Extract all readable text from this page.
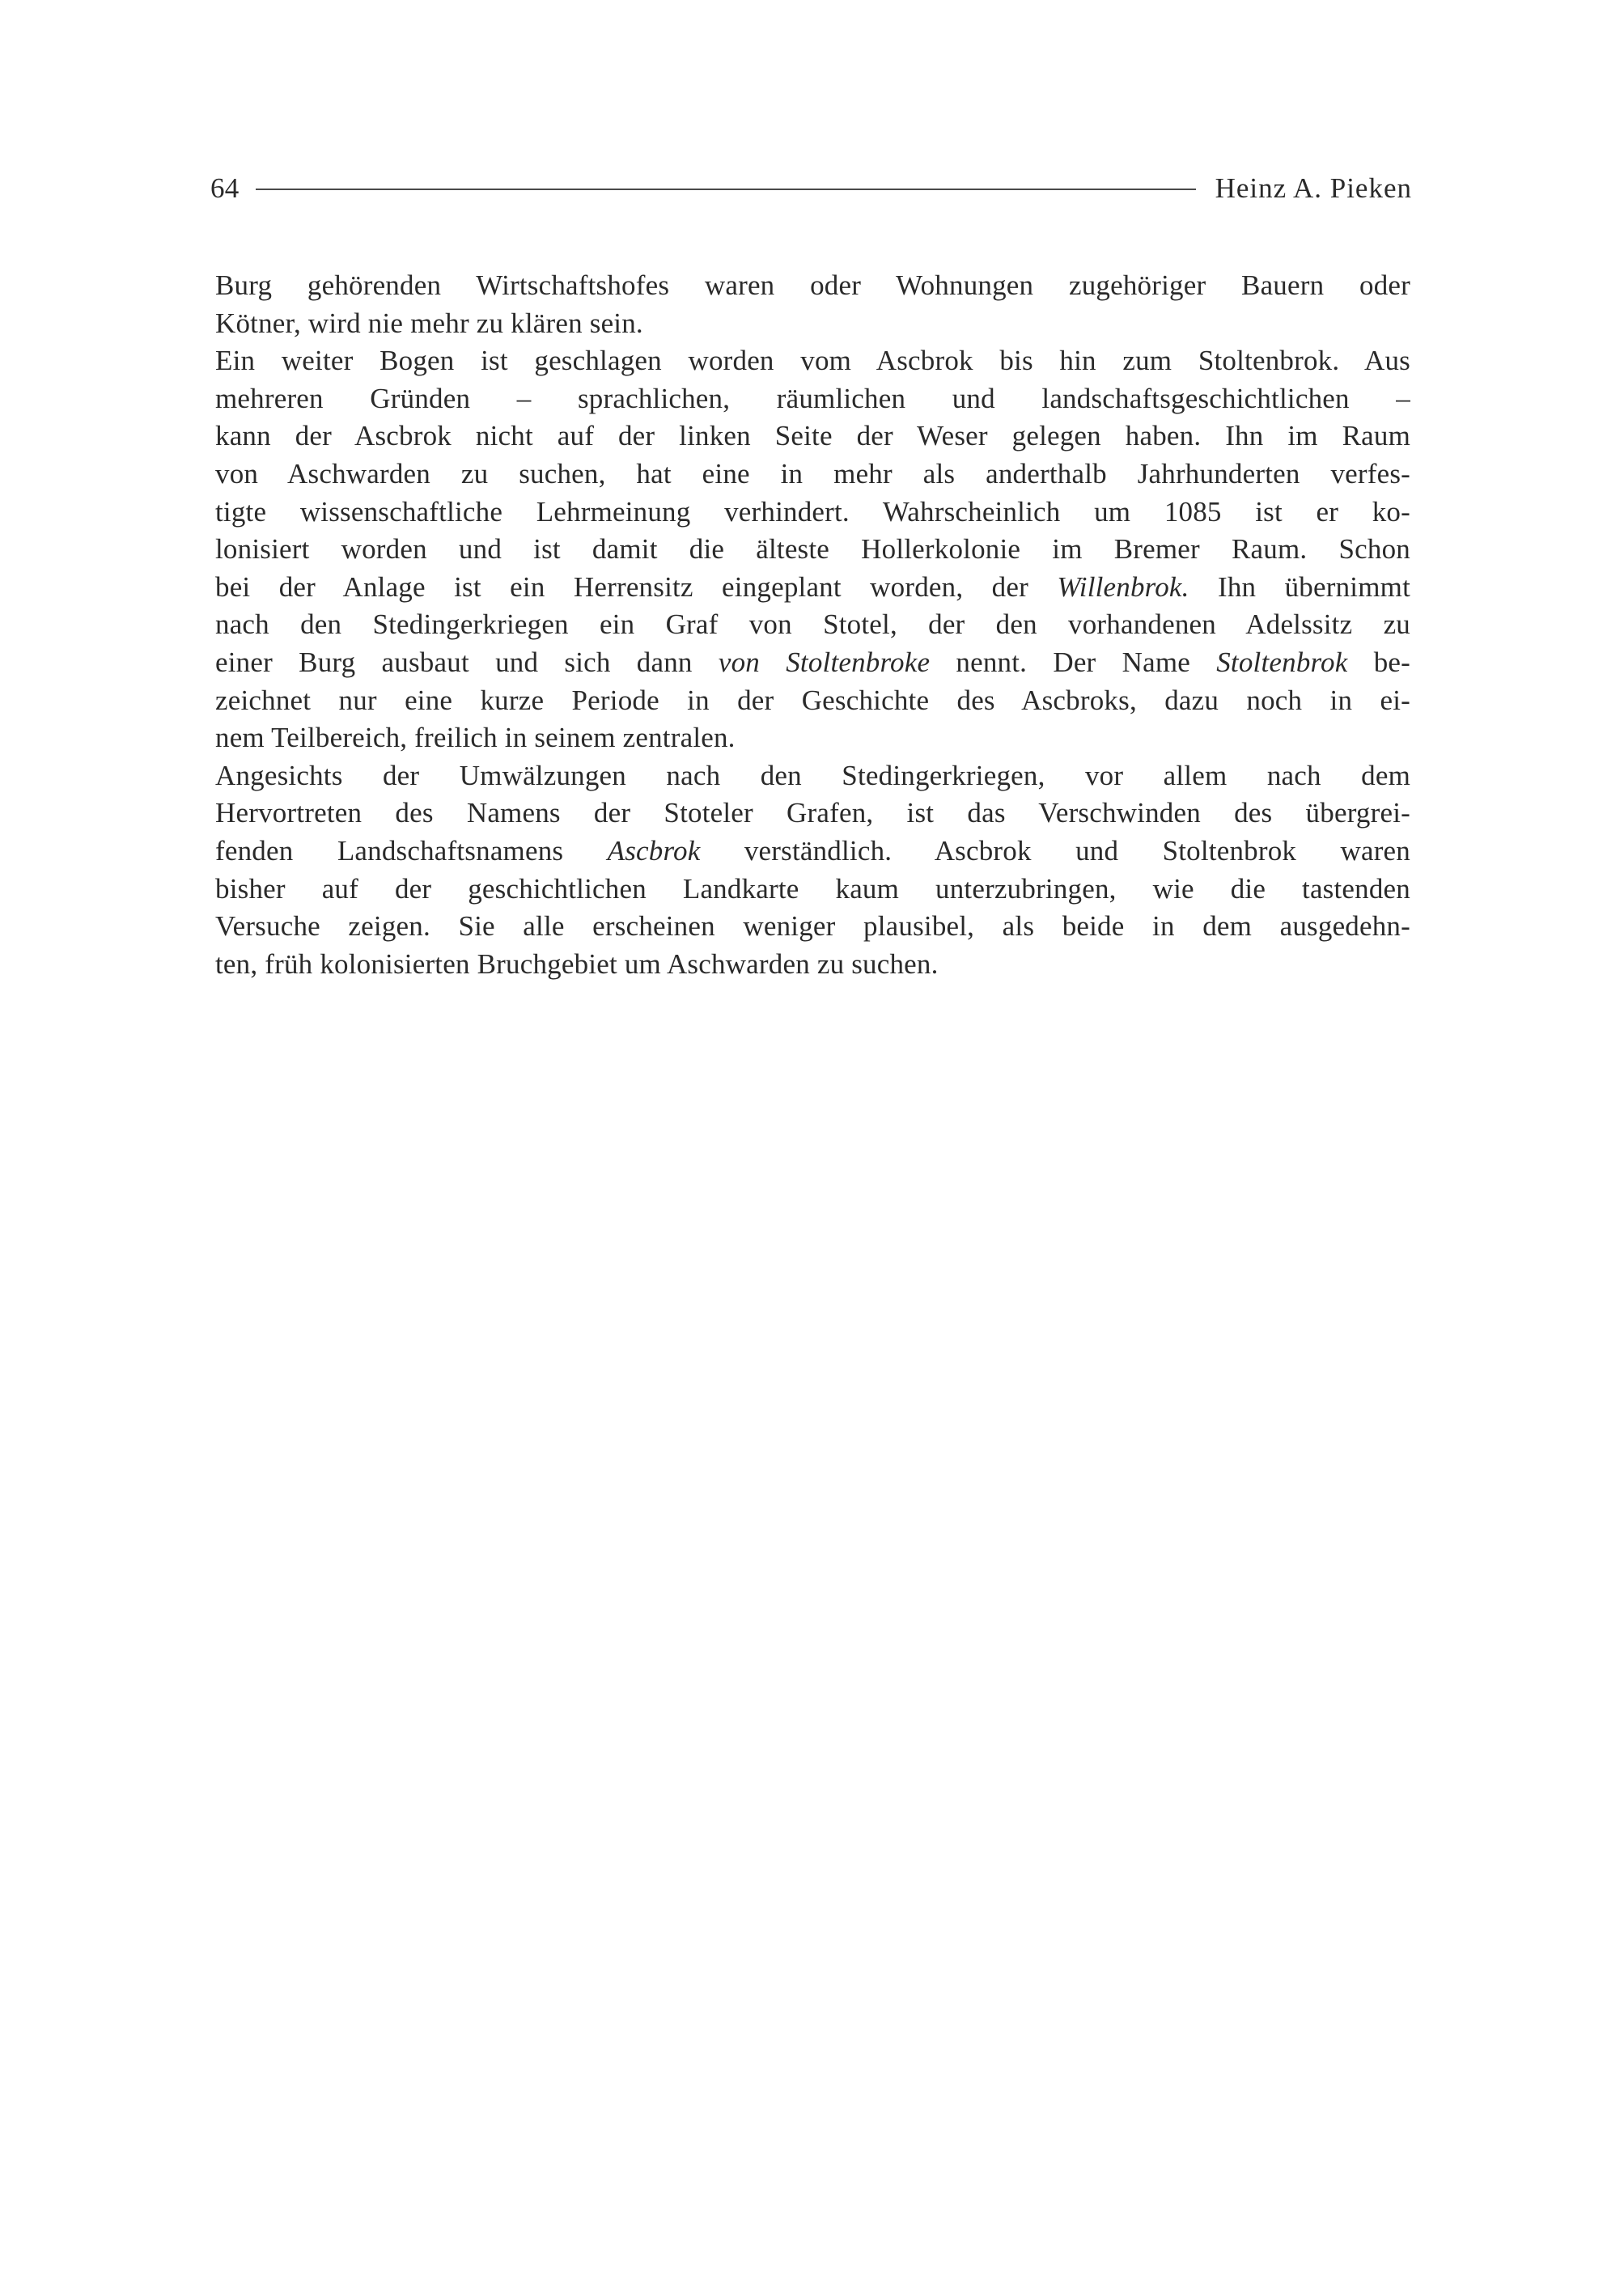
64	Heinz A. Pieken

Burg gehörenden Wirtschaftshofes waren oder Wohnungen zugehöriger Bauern oder
Kötner, wird nie mehr zu klären sein.

Ein weiter Bogen ist geschlagen worden vom Ascbrok bis hin zum Stoltenbrok. Aus
mehreren Gründen – sprachlichen, räumlichen und landschaftsgeschichtlichen –
kann der Ascbrok nicht auf der linken Seite der Weser gelegen haben. Ihn im Raum
von Aschwarden zu suchen, hat eine in mehr als anderthalb Jahrhunderten verfes-
tigte wissenschaftliche Lehrmeinung verhindert. Wahrscheinlich um 1085 ist er ko-
lonisiert worden und ist damit die älteste Hollerkolonie im Bremer Raum. Schon
bei der Anlage ist ein Herrensitz eingeplant worden, der Willenbrok. Ihn übernimmt
nach den Stedingerkriegen ein Graf von Stotel, der den vorhandenen Adelssitz zu
einer Burg ausbaut und sich dann von Stoltenbroke nennt. Der Name Stoltenbrok be-
zeichnet nur eine kurze Periode in der Geschichte des Ascbroks, dazu noch in ei-
nem Teilbereich, freilich in seinem zentralen.

Angesichts der Umwälzungen nach den Stedingerkriegen, vor allem nach dem
Hervortreten des Namens der Stoteler Grafen, ist das Verschwinden des übergrei-
fenden Landschaftsnamens Ascbrok verständlich. Ascbrok und Stoltenbrok waren
bisher auf der geschichtlichen Landkarte kaum unterzubringen, wie die tastenden
Versuche zeigen. Sie alle erscheinen weniger plausibel, als beide in dem ausgedehn-
ten, früh kolonisierten Bruchgebiet um Aschwarden zu suchen.
